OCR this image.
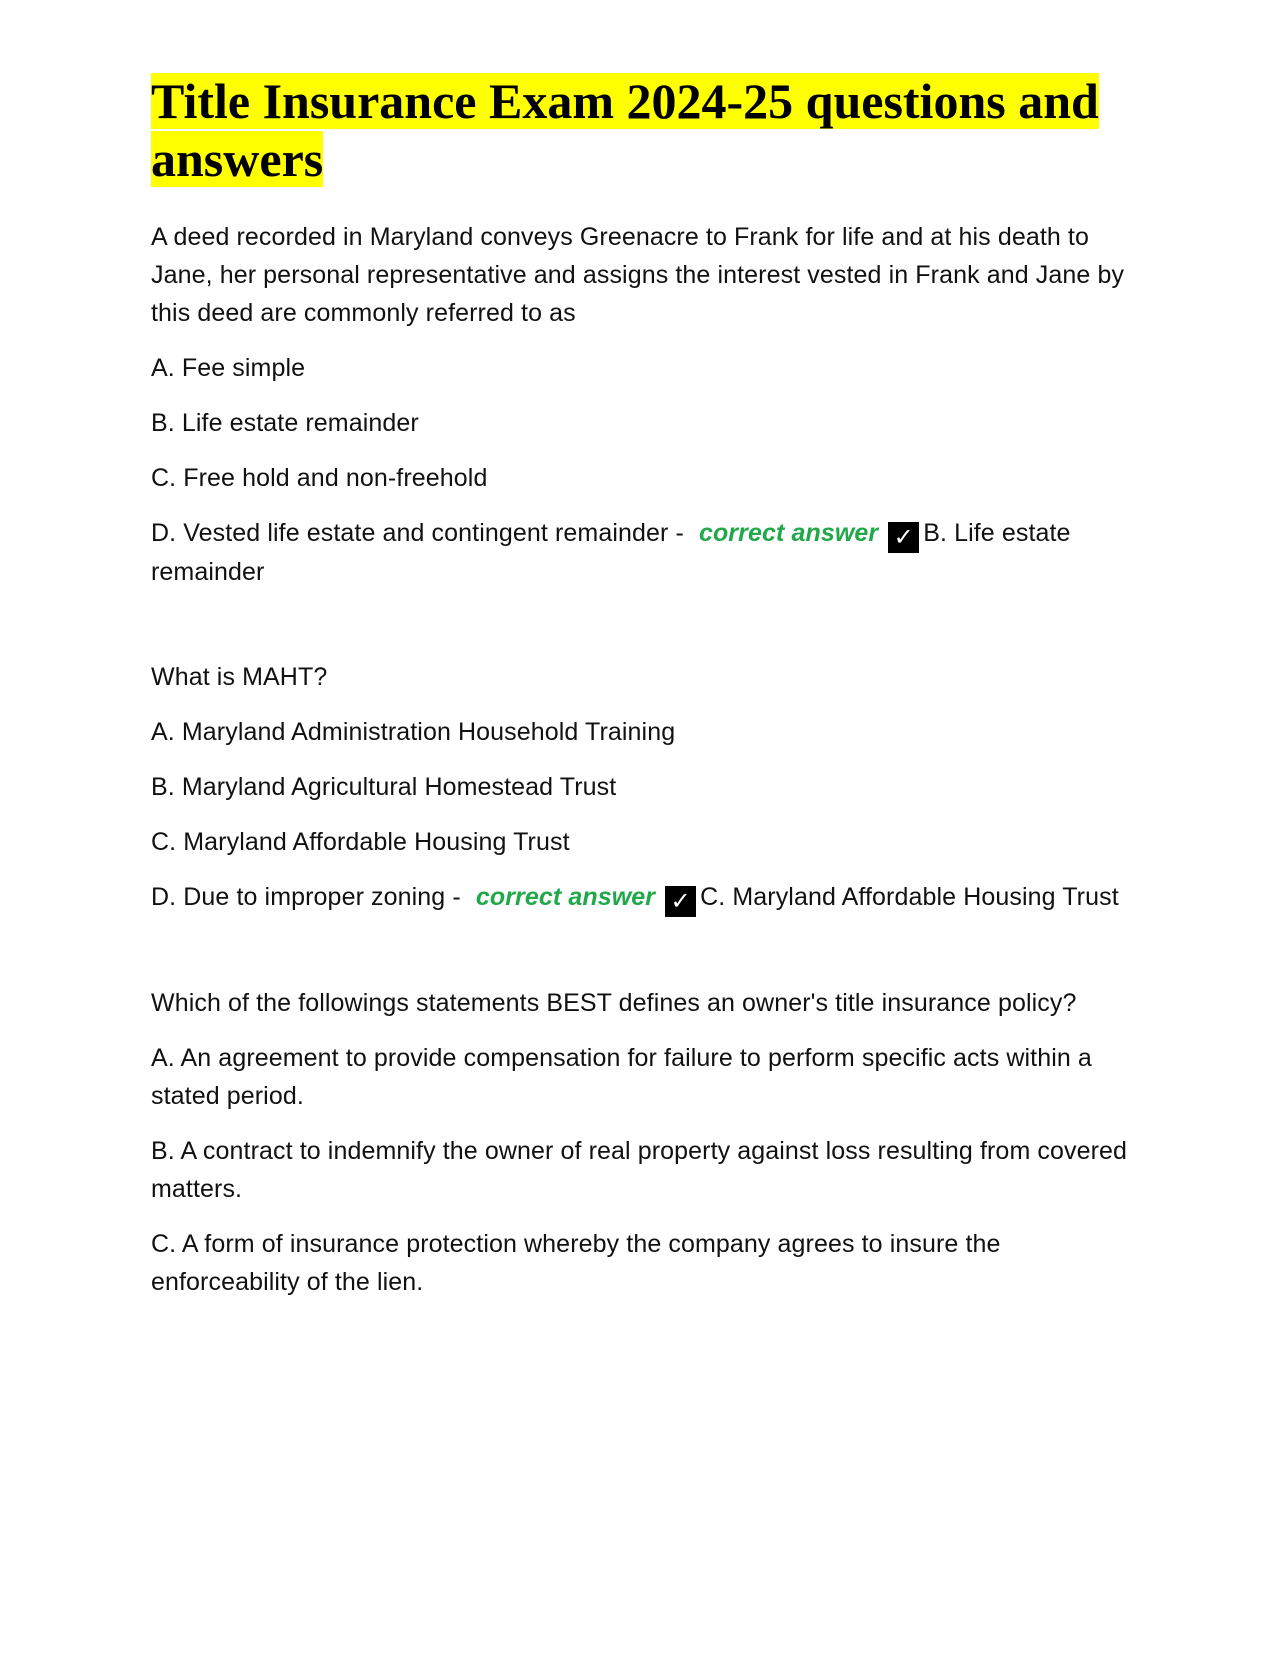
Title Insurance Exam 2024-25 questions and answers

A deed recorded in Maryland conveys Greenacre to Frank for life and at his death to Jane, her personal representative and assigns the interest vested in Frank and Jane by this deed are commonly referred to as

A. Fee simple

B. Life estate remainder

C. Free hold and non-freehold

D. Vested life estate and contingent remainder - correct answer ✓ B. Life estate remainder

What is MAHT?

A. Maryland Administration Household Training

B. Maryland Agricultural Homestead Trust

C. Maryland Affordable Housing Trust

D. Due to improper zoning - correct answer ✓ C. Maryland Affordable Housing Trust

Which of the followings statements BEST defines an owner's title insurance policy?

A. An agreement to provide compensation for failure to perform specific acts within a stated period.

B. A contract to indemnify the owner of real property against loss resulting from covered matters.

C. A form of insurance protection whereby the company agrees to insure the enforceability of the lien.
